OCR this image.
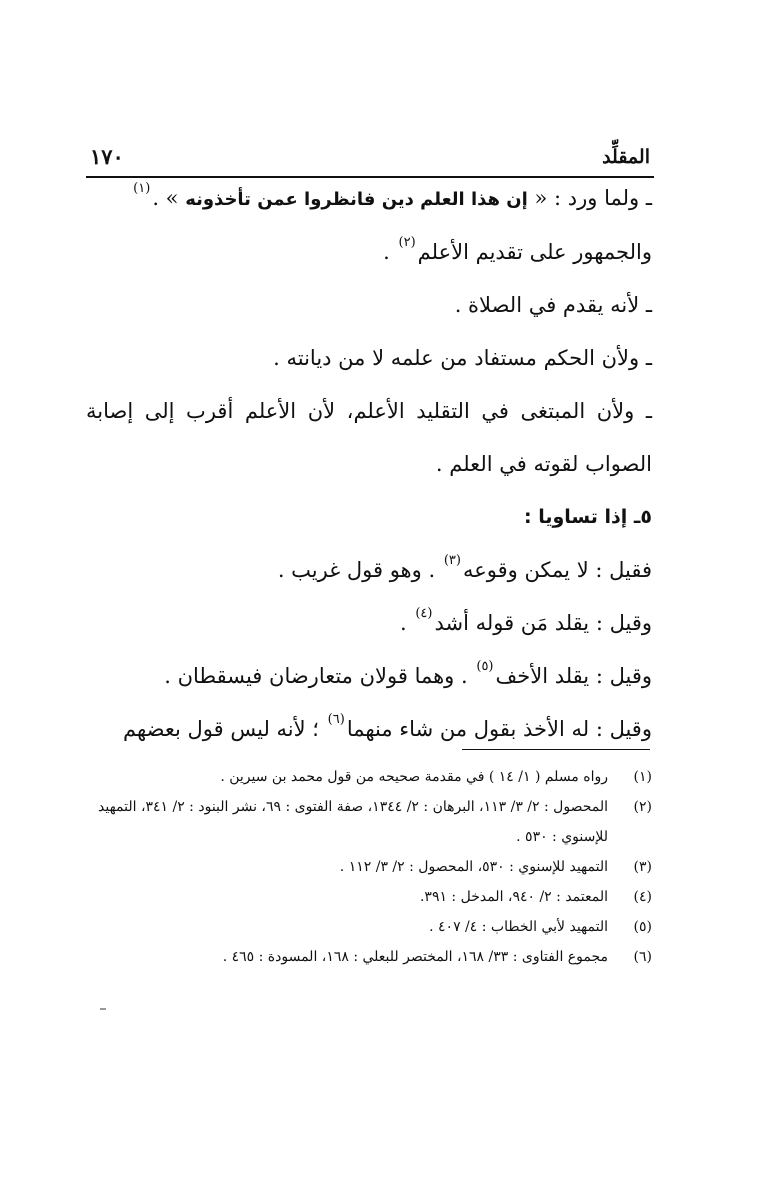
المقلِّد
١٧٠

ـ ولما ورد : « إن هذا العلم دين فانظروا عمن تأخذونه » .$^{(١)}$

والجمهور على تقديم الأعلم$^{(٢)}$ .

ـ لأنه يقدم في الصلاة .

ـ ولأن الحكم مستفاد من علمه لا من ديانته .

ـ ولأن المبتغى في التقليد الأعلم، لأن الأعلم أقرب إلى إصابة الصواب لقوته في العلم .

٥ـ إذا تساويا :

فقيل : لا يمكن وقوعه$^{(٣)}$ . وهو قول غريب .

وقيل : يقلد مَن قوله أشد$^{(٤)}$ .

وقيل : يقلد الأخف$^{(٥)}$ . وهما قولان متعارضان فيسقطان .

وقيل : له الأخذ بقول من شاء منهما$^{(٦)}$ ؛ لأنه ليس قول بعضهم

(١)
رواه مسلم ( ١/ ١٤ ) في مقدمة صحيحه من قول محمد بن سيرين .
(٢)
المحصول : ٢/ ٣/ ١١٣، البرهان : ٢/ ١٣٤٤، صفة الفتوى : ٦٩، نشر البنود : ٢/ ٣٤١، التمهيد للإسنوي : ٥٣٠ .
(٣)
التمهيد للإسنوي : ٥٣٠، المحصول : ٢/ ٣/ ١١٢ .
(٤)
المعتمد : ٢/ ٩٤٠، المدخل : ٣٩١.
(٥)
التمهيد لأبي الخطاب : ٤/ ٤٠٧ .
(٦)
مجموع الفتاوى : ٣٣/ ١٦٨، المختصر للبعلي : ١٦٨، المسودة : ٤٦٥ .
